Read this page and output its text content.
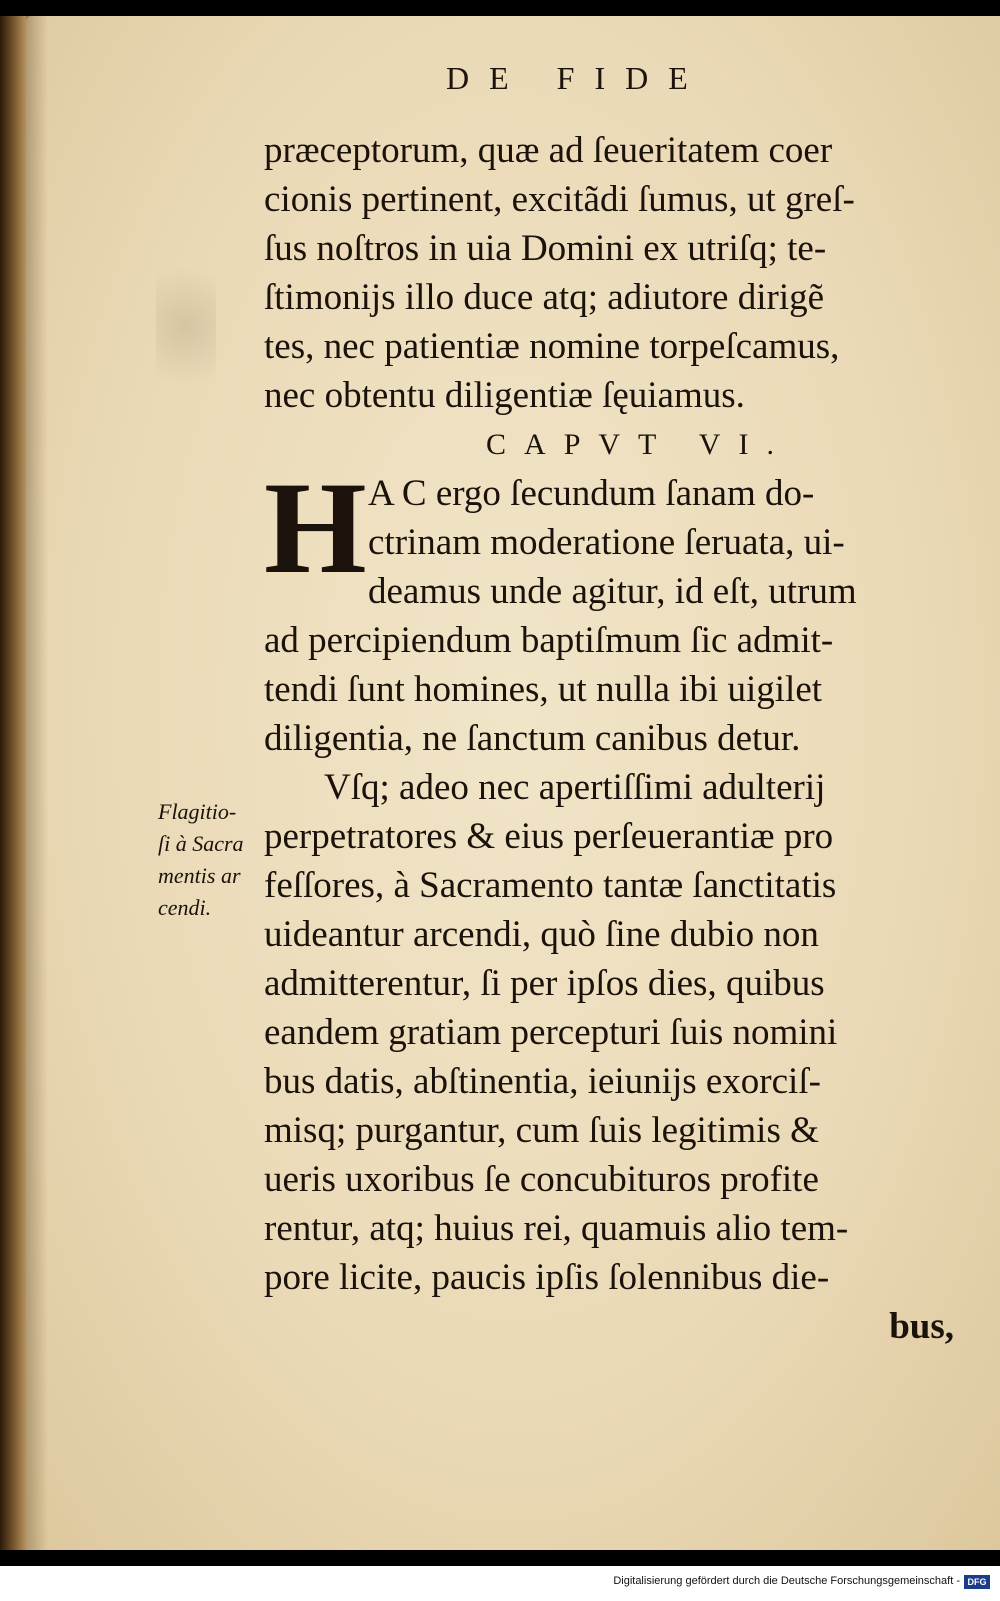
DE FIDE
præceptorum, quæ ad ſeueritatem coer
cionis pertinent, excitãdi ſumus, ut greſ-
ſus noſtros in uia Domini ex utriſq; te-
ſtimonijs illo duce atq; adiutore dirigẽ
tes, nec patientiæ nomine torpeſcamus,
nec obtentu diligentiæ ſęuiamus.
CAPVT VI.
H A C ergo ſecundum ſanam do-
ctrinam moderatione ſeruata, ui-
deamus unde agitur, id eſt, utrum
ad percipiendum baptiſmum ſic admit-
tendi ſunt homines, ut nulla ibi uigilet
diligentia, ne ſanctum canibus detur.
Vſq; adeo nec apertiſſimi adulterij
perpetratores & eius perſeuerantiæ pro
feſſores, à Sacramento tantæ ſanctitatis
uideantur arcendi, quò ſine dubio non
admitterentur, ſi per ipſos dies, quibus
eandem gratiam percepturi ſuis nomini
bus datis, abſtinentia, ieiunijs exorciſ-
misq; purgantur, cum ſuis legitimis &
ueris uxoribus ſe concubituros profite
rentur, atq; huius rei, quamuis alio tem-
pore licite, paucis ipſis ſolennibus die-
bus,
Flagitio-
ſi à Sacra
mentis ar
cendi.
Digitalisierung gefördert durch die Deutsche Forschungsgemeinschaft - DFG
